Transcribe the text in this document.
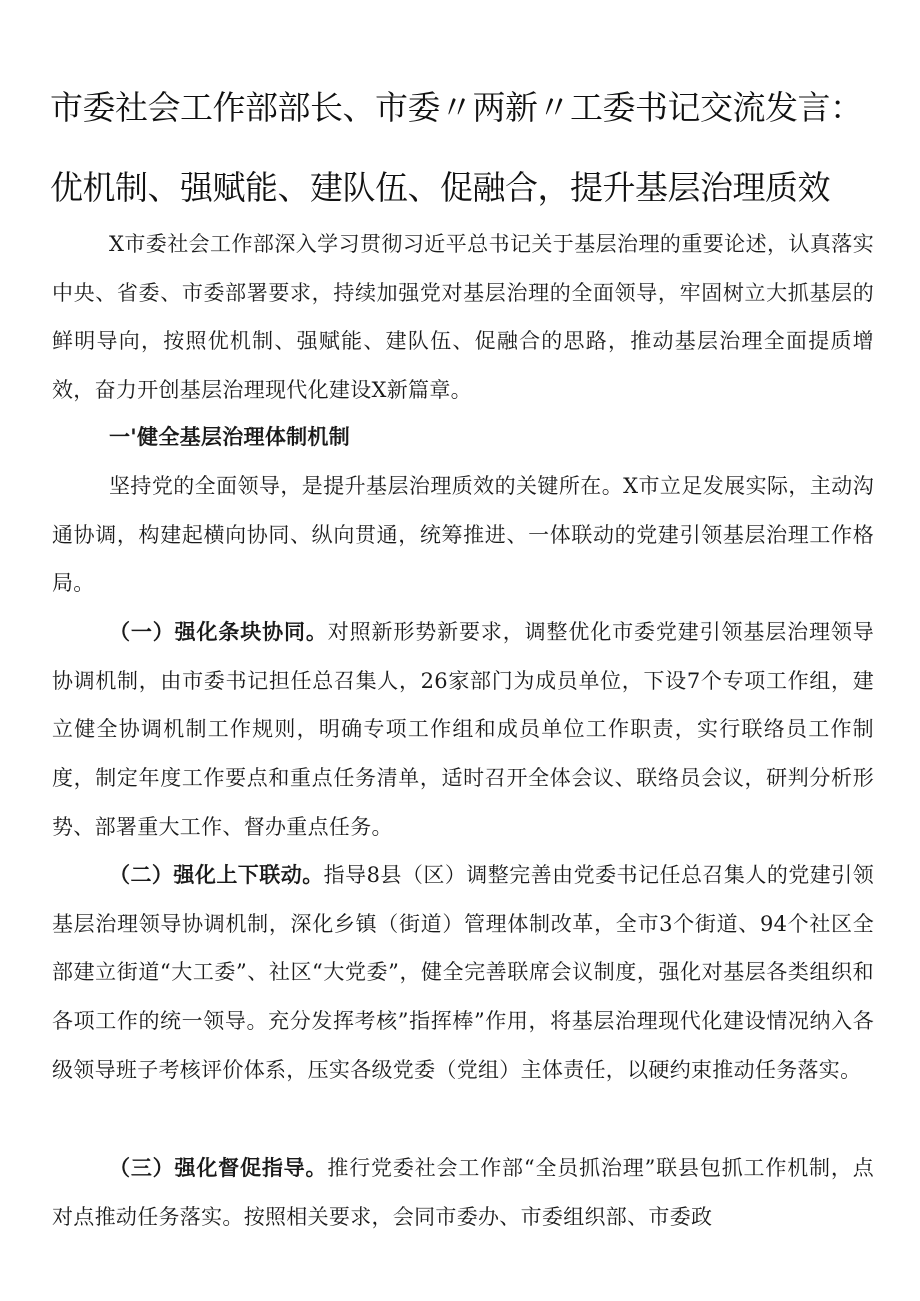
市委社会工作部部长、市委〃两新〃工委书记交流发言：
优机制、强赋能、建队伍、促融合，提升基层治理质效

X市委社会工作部深入学习贯彻习近平总书记关于基层治理的重要论述，认真落实中央、省委、市委部署要求，持续加强党对基层治理的全面领导，牢固树立大抓基层的鲜明导向，按照优机制、强赋能、建队伍、促融合的思路，推动基层治理全面提质增效，奋力开创基层治理现代化建设X新篇章。

一'健全基层治理体制机制

坚持党的全面领导，是提升基层治理质效的关键所在。X市立足发展实际，主动沟通协调，构建起横向协同、纵向贯通，统筹推进、一体联动的党建引领基层治理工作格局。

（一）强化条块协同。对照新形势新要求，调整优化市委党建引领基层治理领导协调机制，由市委书记担任总召集人，26家部门为成员单位，下设7个专项工作组，建立健全协调机制工作规则，明确专项工作组和成员单位工作职责，实行联络员工作制度，制定年度工作要点和重点任务清单，适时召开全体会议、联络员会议，研判分析形势、部署重大工作、督办重点任务。

（二）强化上下联动。指导8县（区）调整完善由党委书记任总召集人的党建引领基层治理领导协调机制，深化乡镇（街道）管理体制改革，全市3个街道、94个社区全部建立街道“大工委”、社区“大党委”，健全完善联席会议制度，强化对基层各类组织和各项工作的统一领导。充分发挥考核”指挥棒”作用，将基层治理现代化建设情况纳入各级领导班子考核评价体系，压实各级党委（党组）主体责任，以硬约束推动任务落实。

（三）强化督促指导。推行党委社会工作部“全员抓治理”联县包抓工作机制，点对点推动任务落实。按照相关要求，会同市委办、市委组织部、市委政
